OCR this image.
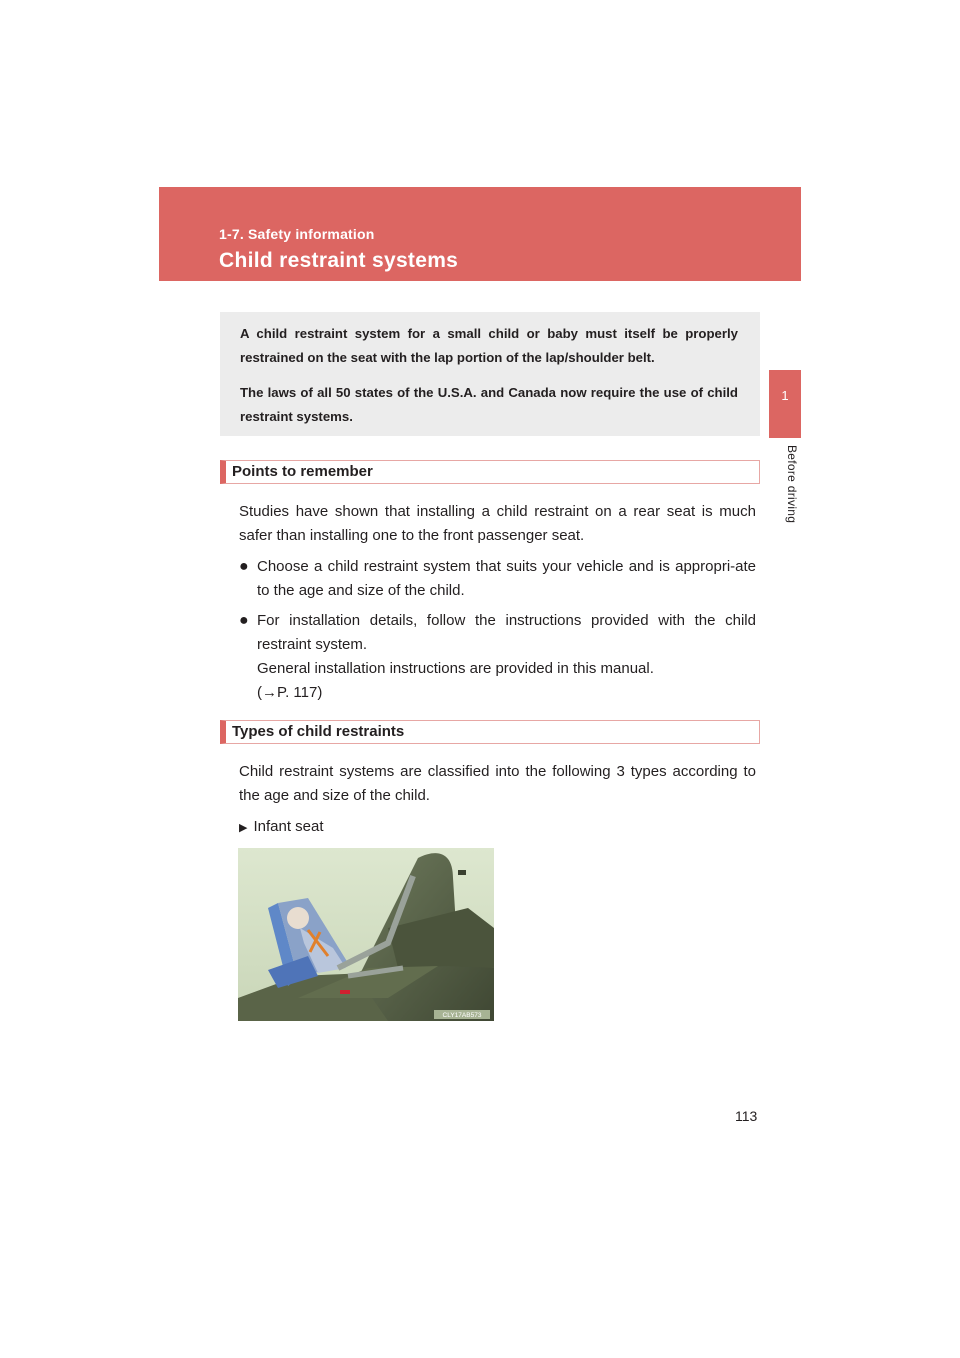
1-7. Safety information
Child restraint systems
1
Before driving

A child restraint system for a small child or baby must itself be properly restrained on the seat with the lap portion of the lap/shoulder belt.

The laws of all 50 states of the U.S.A. and Canada now require the use of child restraint systems.

Points to remember

Studies have shown that installing a child restraint on a rear seat is much safer than installing one to the front passenger seat.

● Choose a child restraint system that suits your vehicle and is appropri-ate to the age and size of the child.
● For installation details, follow the instructions provided with the child restraint system.
General installation instructions are provided in this manual.
(→P. 117)
Types of child restraints

Child restraint systems are classified into the following 3 types according to the age and size of the child.

▶ Infant seat
CLY17AB573
113
